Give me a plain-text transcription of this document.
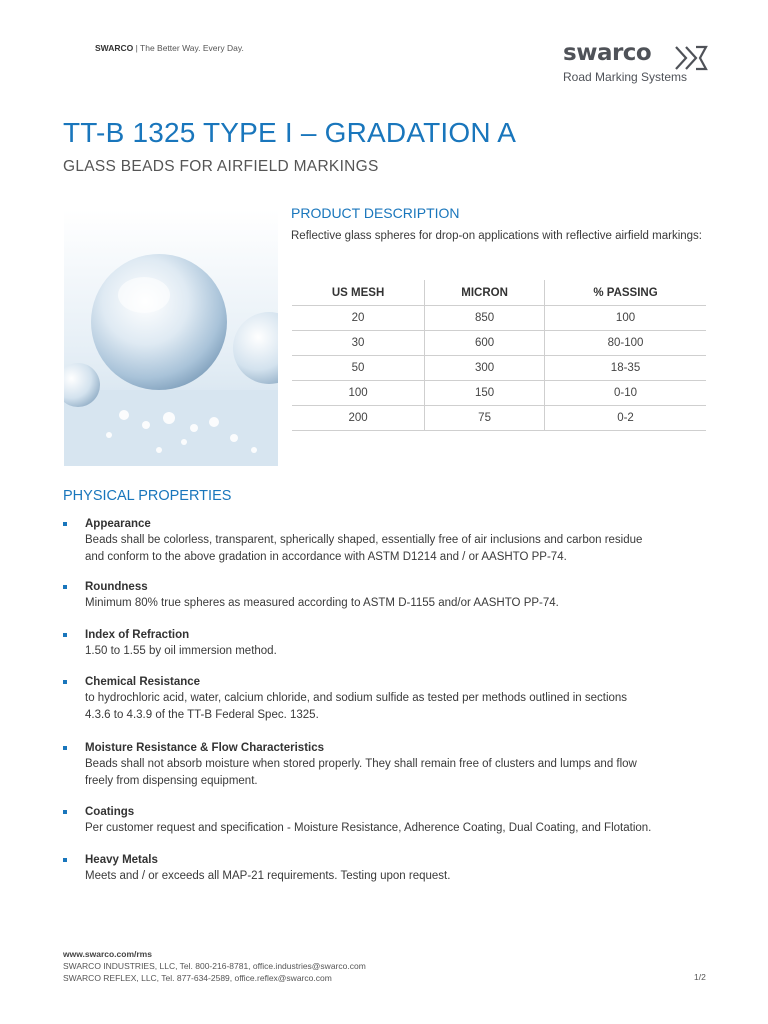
SWARCO | The Better Way. Every Day.	swarco
Road Marking Systems
TT-B 1325 TYPE I – GRADATION A
GLASS BEADS FOR AIRFIELD MARKINGS
PRODUCT DESCRIPTION
Reflective glass spheres for drop-on applications with reflective airfield markings:
US MESH	MICRON	% PASSING
20	850	100
30	600	80-100
50	300	18-35
100	150	0-10
200	75	0-2
PHYSICAL PROPERTIES
Appearance
Beads shall be colorless, transparent, spherically shaped, essentially free of air inclusions and carbon residue
and conform to the above gradation in accordance with ASTM D1214 and / or AASHTO PP-74.
Roundness
Minimum 80% true spheres as measured according to ASTM D-1155 and/or AASHTO PP-74.
Index of Refraction
1.50 to 1.55 by oil immersion method.
Chemical Resistance
to hydrochloric acid, water, calcium chloride, and sodium sulfide as tested per methods outlined in sections
4.3.6 to 4.3.9 of the TT-B Federal Spec. 1325.
Moisture Resistance & Flow Characteristics
Beads shall not absorb moisture when stored properly. They shall remain free of clusters and lumps and flow
freely from dispensing equipment.
Coatings
Per customer request and specification - Moisture Resistance, Adherence Coating, Dual Coating, and Flotation.
Heavy Metals
Meets and / or exceeds all MAP-21 requirements. Testing upon request.
www.swarco.com/rms
SWARCO INDUSTRIES, LLC, Tel. 800-216-8781, office.industries@swarco.com
SWARCO REFLEX, LLC, Tel. 877-634-2589, office.reflex@swarco.com	1/2
